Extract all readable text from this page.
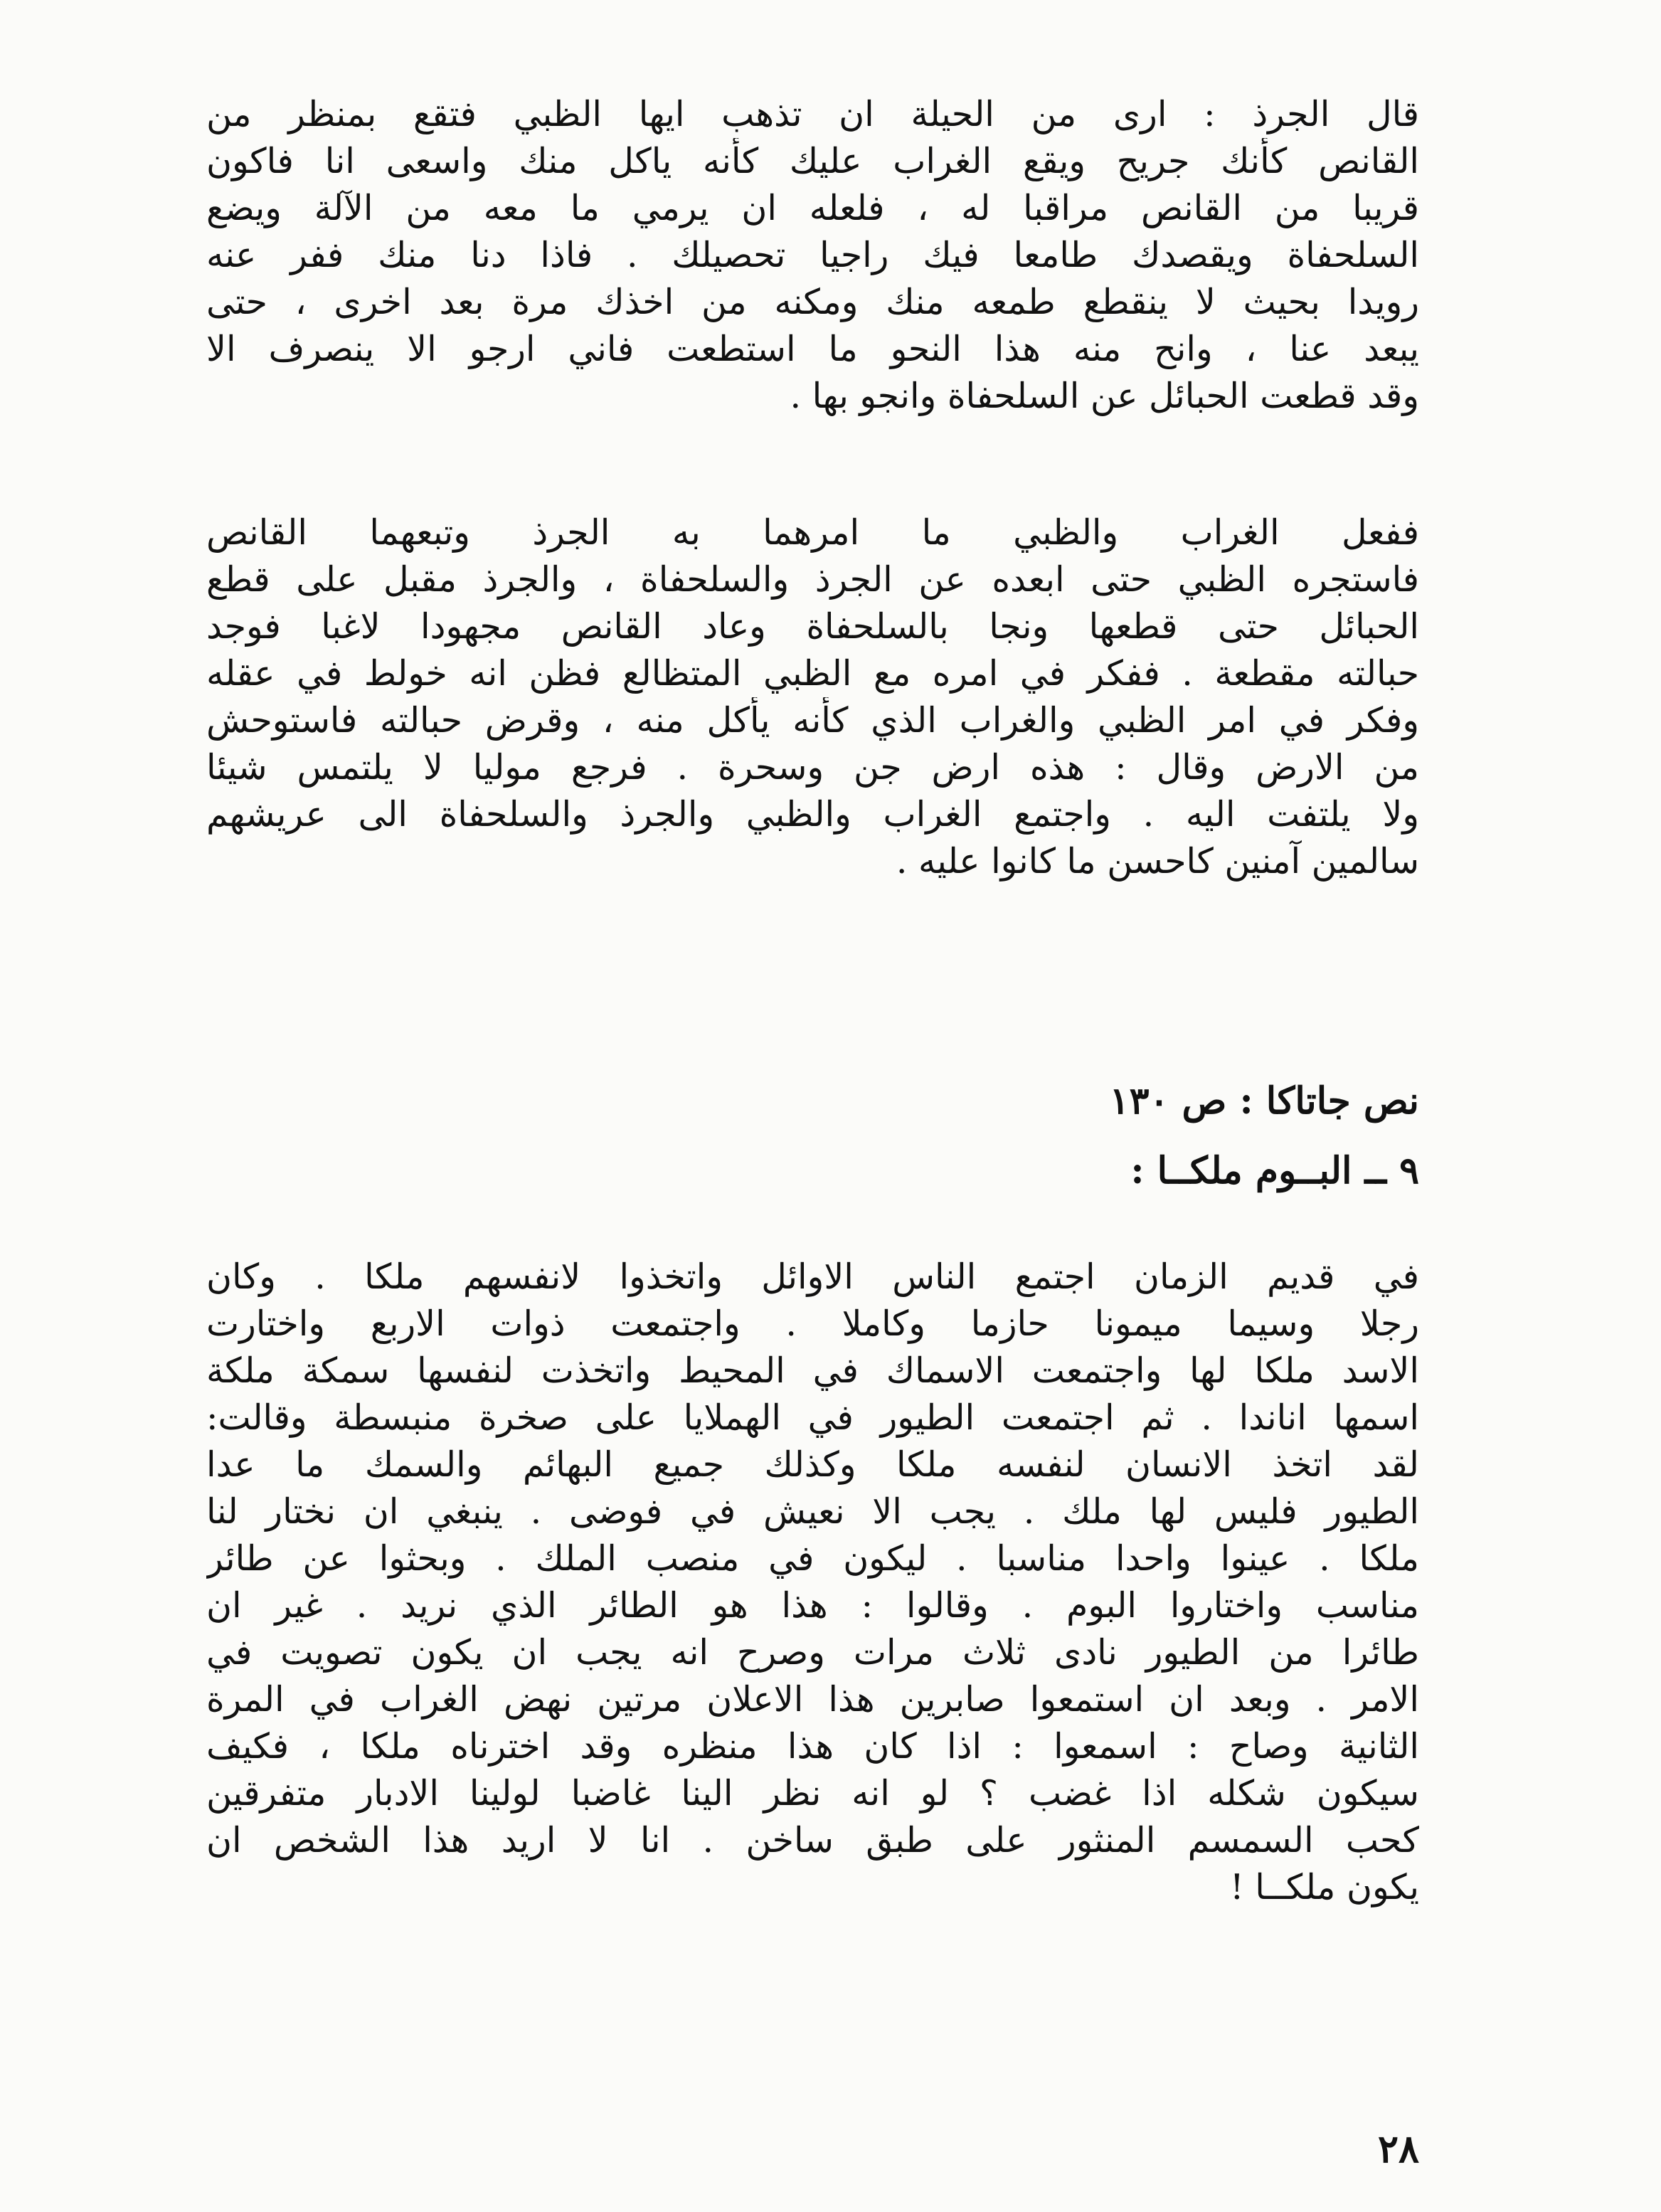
قال الجرذ : ارى من الحيلة ان تذهب ايها الظبي فتقع بمنظر من
القانص كأنك جريح ويقع الغراب عليك كأنه ياكل منك واسعى انا فاكون
قريبا من القانص مراقبا له ، فلعله ان يرمي ما معه من الآلة ويضع
السلحفاة ويقصدك طامعا فيك راجيا تحصيلك . فاذا دنا منك ففر عنه
رويدا بحيث لا ينقطع طمعه منك ومكنه من اخذك مرة بعد اخرى ، حتى
يبعد عنا ، وانح منه هذا النحو ما استطعت فاني ارجو الا ينصرف الا
وقد قطعت الحبائل عن السلحفاة وانجو بها .
ففعل الغراب والظبي ما امرهما به الجرذ وتبعهما القانص
فاستجره الظبي حتى ابعده عن الجرذ والسلحفاة ، والجرذ مقبل على قطع
الحبائل حتى قطعها ونجا بالسلحفاة وعاد القانص مجهودا لاغبا فوجد
حبالته مقطعة . ففكر في امره مع الظبي المتظالع فظن انه خولط في عقله
وفكر في امر الظبي والغراب الذي كأنه يأكل منه ، وقرض حبالته فاستوحش
من الارض وقال : هذه ارض جن وسحرة . فرجع موليا لا يلتمس شيئا
ولا يلتفت اليه . واجتمع الغراب والظبي والجرذ والسلحفاة الى عريشهم
سالمين آمنين كاحسن ما كانوا عليه .
نص جاتاكا : ص ١٣٠
٩ ــ البــوم ملكــا :
في قديم الزمان اجتمع الناس الاوائل واتخذوا لانفسهم ملكا . وكان
رجلا وسيما ميمونا حازما وكاملا . واجتمعت ذوات الاربع واختارت
الاسد ملكا لها واجتمعت الاسماك في المحيط واتخذت لنفسها سمكة ملكة
اسمها اناندا . ثم اجتمعت الطيور في الهملايا على صخرة منبسطة وقالت:
لقد اتخذ الانسان لنفسه ملكا وكذلك جميع البهائم والسمك ما عدا
الطيور فليس لها ملك . يجب الا نعيش في فوضى . ينبغي ان نختار لنا
ملكا . عينوا واحدا مناسبا . ليكون في منصب الملك . وبحثوا عن طائر
مناسب واختاروا البوم . وقالوا : هذا هو الطائر الذي نريد . غير ان
طائرا من الطيور نادى ثلاث مرات وصرح انه يجب ان يكون تصويت في
الامر . وبعد ان استمعوا صابرين هذا الاعلان مرتين نهض الغراب في المرة
الثانية وصاح : اسمعوا : اذا كان هذا منظره وقد اخترناه ملكا ، فكيف
سيكون شكله اذا غضب ؟ لو انه نظر الينا غاضبا لولينا الادبار متفرقين
كحب السمسم المنثور على طبق ساخن . انا لا اريد هذا الشخص ان
يكون ملكــا !
٢٨
